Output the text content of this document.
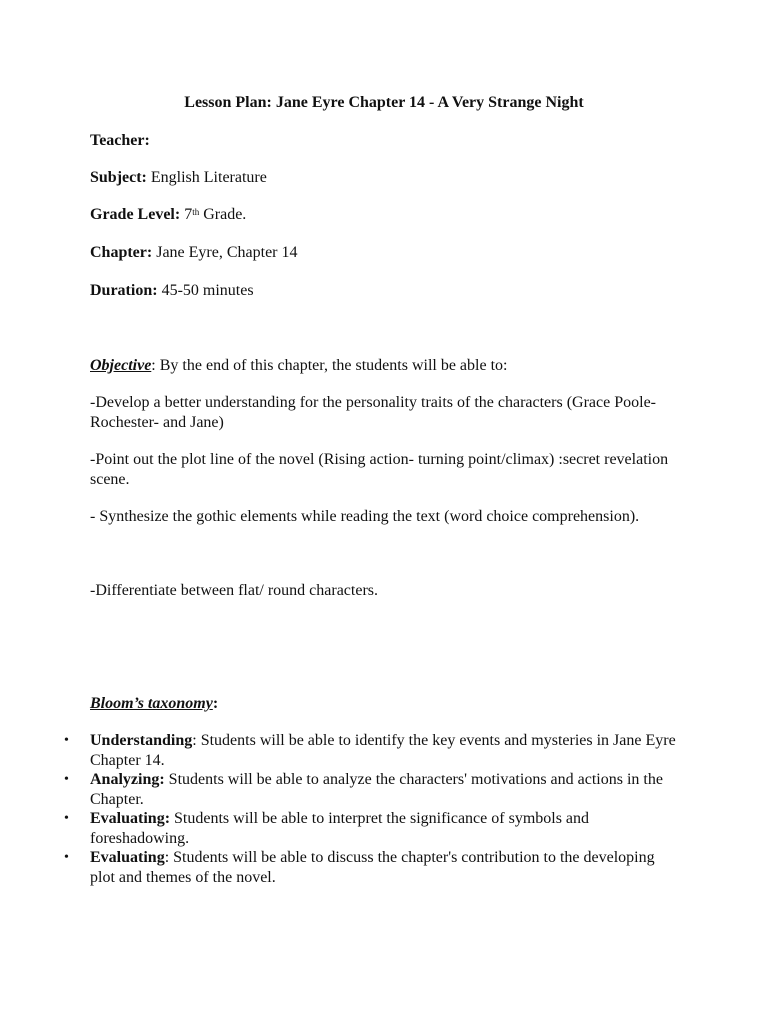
Lesson Plan: Jane Eyre Chapter 14 - A Very Strange Night
Teacher:
Subject: English Literature
Grade Level: 7th Grade.
Chapter: Jane Eyre, Chapter 14
Duration: 45-50 minutes
Objective: By the end of this chapter, the students will be able to:
-Develop a better understanding for the personality traits of the characters (Grace Poole- Rochester- and Jane)
-Point out the plot line of the novel (Rising action- turning point/climax) :secret revelation scene.
- Synthesize the gothic elements while reading the text (word choice comprehension).
-Differentiate between flat/ round characters.
Bloom’s taxonomy:
• Understanding: Students will be able to identify the key events and mysteries in Jane Eyre Chapter 14.
• Analyzing: Students will be able to analyze the characters' motivations and actions in the Chapter.
• Evaluating: Students will be able to interpret the significance of symbols and foreshadowing.
• Evaluating: Students will be able to discuss the chapter's contribution to the developing plot and themes of the novel.
